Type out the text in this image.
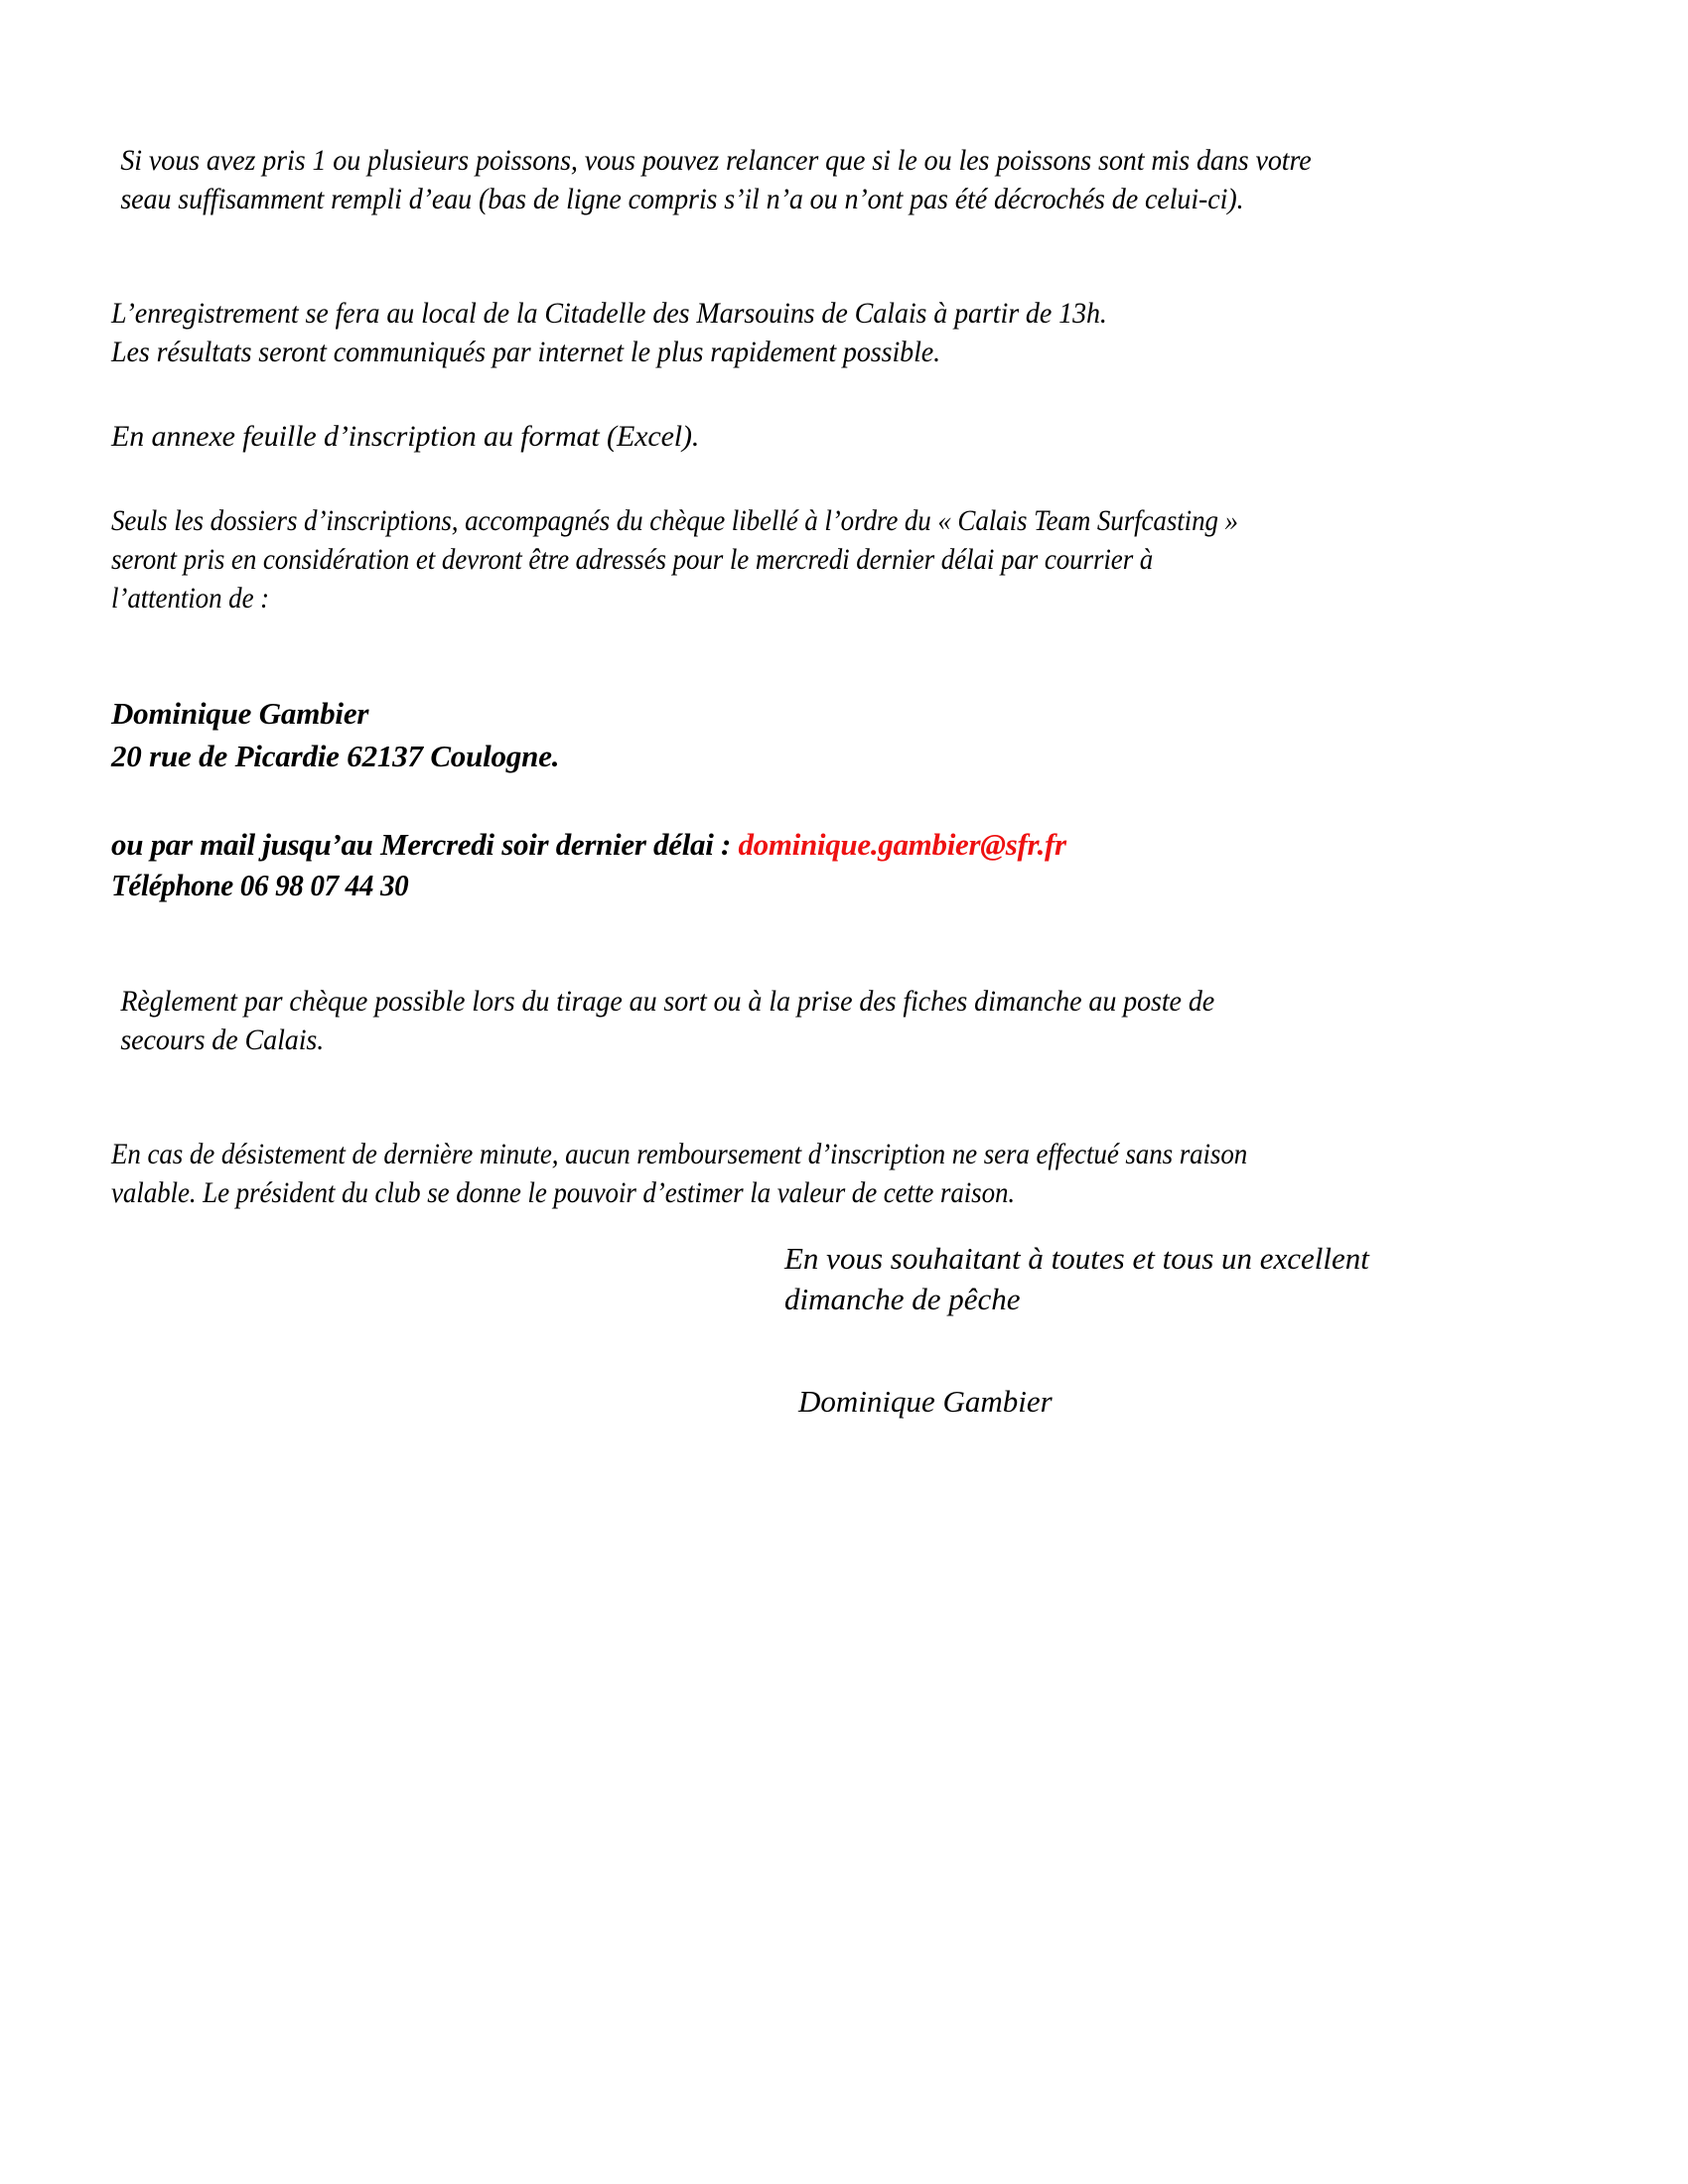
Si vous avez pris 1 ou plusieurs poissons, vous pouvez relancer que si le ou les poissons sont mis dans votre
seau suffisamment rempli d’eau (bas de ligne compris s’il n’a ou n’ont pas été décrochés de celui-ci).
L’enregistrement se fera au local de la Citadelle des Marsouins de Calais à partir de 13h.
Les résultats seront communiqués par internet le plus rapidement possible.
En annexe feuille d’inscription au format (Excel).
Seuls les dossiers d’inscriptions, accompagnés du chèque libellé à l’ordre du « Calais Team Surfcasting »
seront pris en considération et devront être adressés pour le mercredi dernier délai par courrier à
l’attention de :
Dominique Gambier
20 rue de Picardie 62137 Coulogne.
ou par mail jusqu’au Mercredi soir dernier délai : dominique.gambier@sfr.fr
Téléphone 06 98 07 44 30
Règlement par chèque possible lors du tirage au sort ou à la prise des fiches dimanche au poste de
secours de Calais.
En cas de désistement de dernière minute, aucun remboursement d’inscription ne sera effectué sans raison
valable. Le président du club se donne le pouvoir d’estimer la valeur de cette raison.

En vous souhaitant à toutes et tous un excellent

dimanche de pêche

Dominique Gambier
